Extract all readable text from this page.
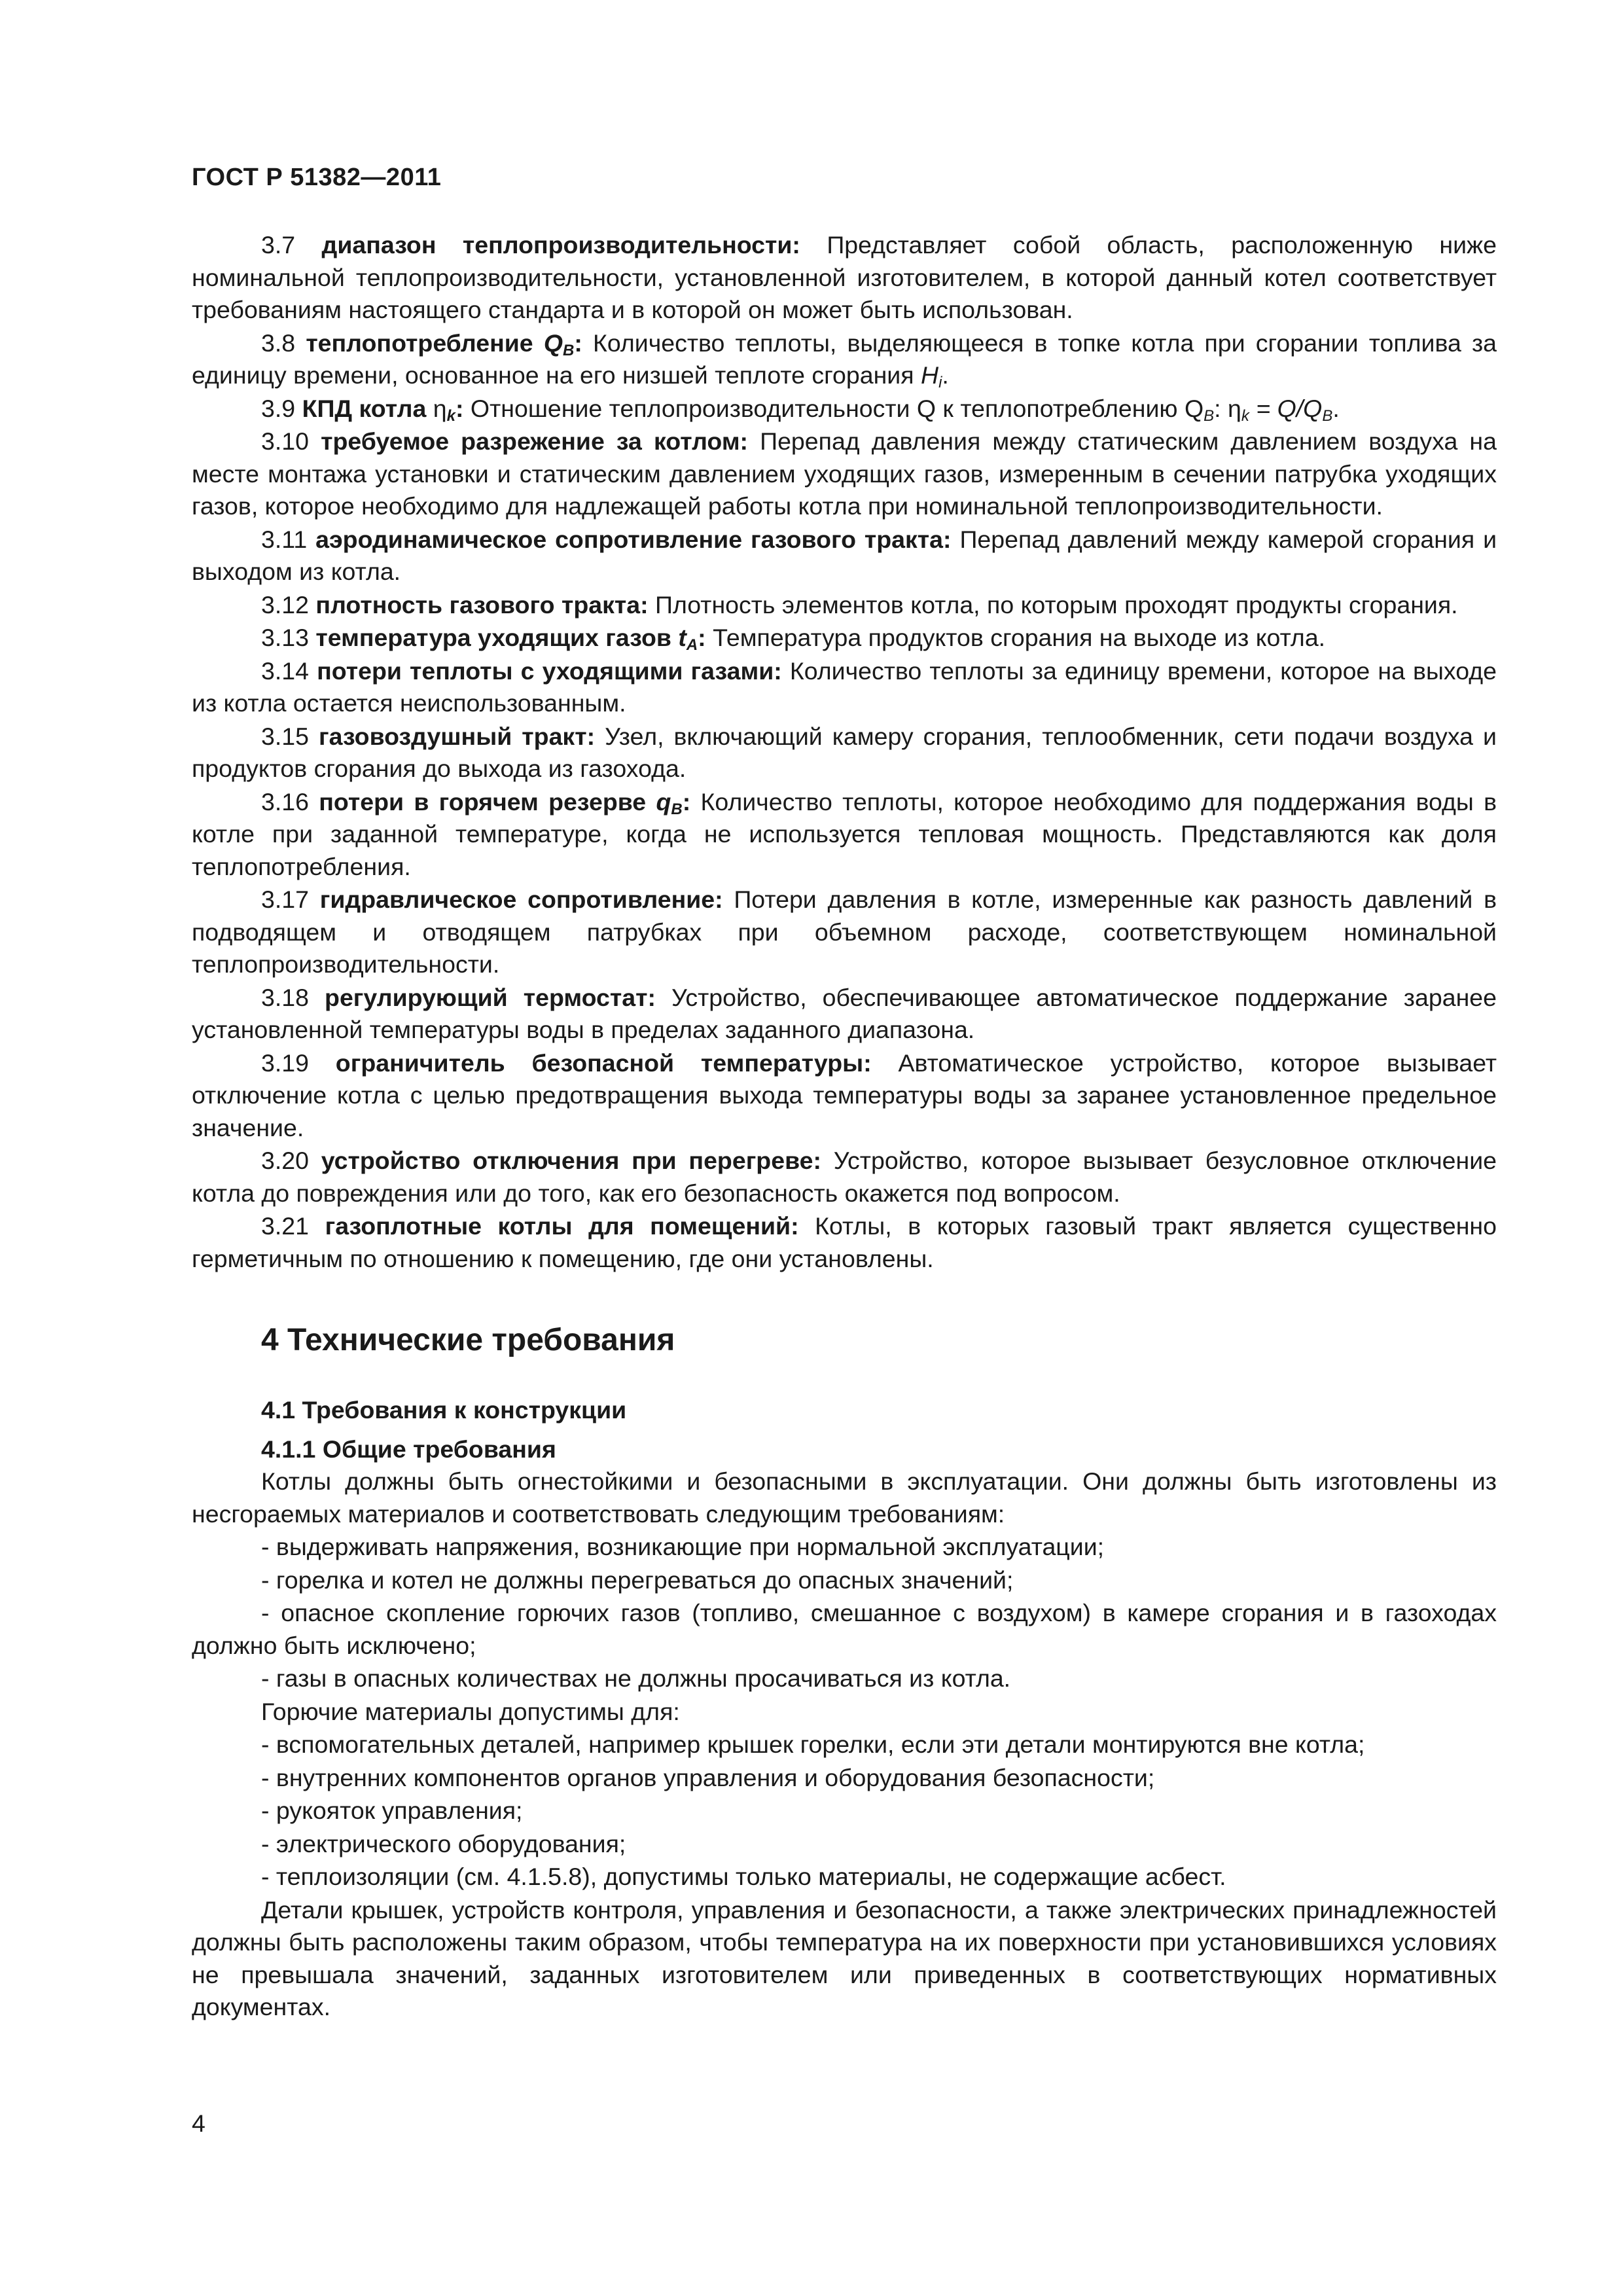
ГОСТ Р 51382—2011

3.7 диапазон теплопроизводительности: Представляет собой область, расположенную ниже номинальной теплопроизводительности, установленной изготовителем, в которой данный котел соответствует требованиям настоящего стандарта и в которой он может быть использован.

3.8 теплопотребление $Q_B$: Количество теплоты, выделяющееся в топке котла при сгорании топлива за единицу времени, основанное на его низшей теплоте сгорания $H_i$.

3.9 КПД котла $\eta_k$: Отношение теплопроизводительности Q к теплопотреблению $Q_B$: $\eta_k = Q/Q_B$.

3.10 требуемое разрежение за котлом: Перепад давления между статическим давлением воздуха на месте монтажа установки и статическим давлением уходящих газов, измеренным в сечении патрубка уходящих газов, которое необходимо для надлежащей работы котла при номинальной теплопроизводительности.

3.11 аэродинамическое сопротивление газового тракта: Перепад давлений между камерой сгорания и выходом из котла.

3.12 плотность газового тракта: Плотность элементов котла, по которым проходят продукты сгорания.

3.13 температура уходящих газов $t_A$: Температура продуктов сгорания на выходе из котла.

3.14 потери теплоты с уходящими газами: Количество теплоты за единицу времени, которое на выходе из котла остается неиспользованным.

3.15 газовоздушный тракт: Узел, включающий камеру сгорания, теплообменник, сети подачи воздуха и продуктов сгорания до выхода из газохода.

3.16 потери в горячем резерве $q_B$: Количество теплоты, которое необходимо для поддержания воды в котле при заданной температуре, когда не используется тепловая мощность. Представляются как доля теплопотребления.

3.17 гидравлическое сопротивление: Потери давления в котле, измеренные как разность давлений в подводящем и отводящем патрубках при объемном расходе, соответствующем номинальной теплопроизводительности.

3.18 регулирующий термостат: Устройство, обеспечивающее автоматическое поддержание заранее установленной температуры воды в пределах заданного диапазона.

3.19 ограничитель безопасной температуры: Автоматическое устройство, которое вызывает отключение котла с целью предотвращения выхода температуры воды за заранее установленное предельное значение.

3.20 устройство отключения при перегреве: Устройство, которое вызывает безусловное отключение котла до повреждения или до того, как его безопасность окажется под вопросом.

3.21 газоплотные котлы для помещений: Котлы, в которых газовый тракт является существенно герметичным по отношению к помещению, где они установлены.

4 Технические требования
4.1 Требования к конструкции
4.1.1 Общие требования

Котлы должны быть огнестойкими и безопасными в эксплуатации. Они должны быть изготовлены из несгораемых материалов и соответствовать следующим требованиям:

- выдерживать напряжения, возникающие при нормальной эксплуатации;

- горелка и котел не должны перегреваться до опасных значений;

- опасное скопление горючих газов (топливо, смешанное с воздухом) в камере сгорания и в газоходах должно быть исключено;

- газы в опасных количествах не должны просачиваться из котла.

Горючие материалы допустимы для:

- вспомогательных деталей, например крышек горелки, если эти детали монтируются вне котла;

- внутренних компонентов органов управления и оборудования безопасности;

- рукояток управления;

- электрического оборудования;

- теплоизоляции (см. 4.1.5.8), допустимы только материалы, не содержащие асбест.

Детали крышек, устройств контроля, управления и безопасности, а также электрических принадлежностей должны быть расположены таким образом, чтобы температура на их поверхности при установившихся условиях не превышала значений, заданных изготовителем или приведенных в соответствующих нормативных документах.

4
